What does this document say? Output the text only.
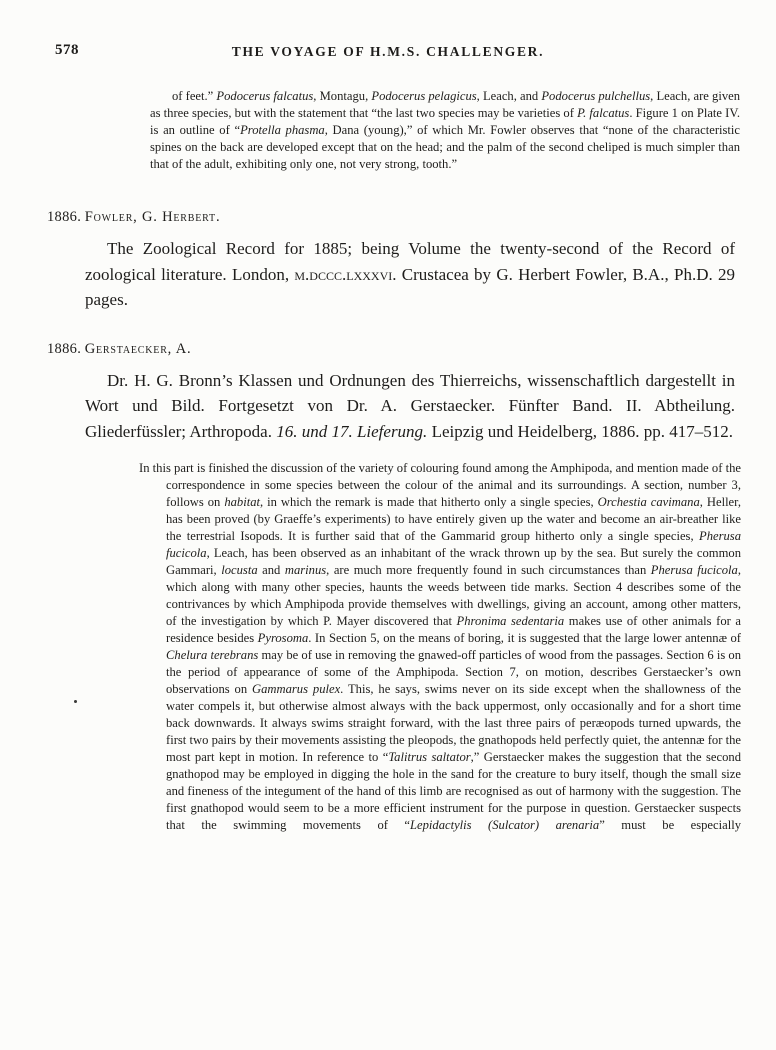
578	THE VOYAGE OF H.M.S. CHALLENGER.

of feet.” Podocerus falcatus, Montagu, Podocerus pelagicus, Leach, and Podocerus pulchellus, Leach, are given as three species, but with the statement that “the last two species may be varieties of P. falcatus. Figure 1 on Plate IV. is an outline of “Protella phasma, Dana (young),” of which Mr. Fowler observes that “none of the characteristic spines on the back are developed except that on the head; and the palm of the second cheliped is much simpler than that of the adult, exhibiting only one, not very strong, tooth.”

1886. Fowler, G. Herbert.

The Zoological Record for 1885; being Volume the twenty-second of the Record of zoological literature. London, m.dccc.lxxxvi. Crustacea by G. Herbert Fowler, B.A., Ph.D. 29 pages.

1886. Gerstaecker, A.

Dr. H. G. Bronn’s Klassen und Ordnungen des Thierreichs, wissenschaftlich dargestellt in Wort und Bild. Fortgesetzt von Dr. A. Gerstaecker. Fünfter Band. II. Abtheilung. Gliederfüssler; Arthropoda. 16. und 17. Lieferung. Leipzig und Heidelberg, 1886. pp. 417–512.

In this part is finished the discussion of the variety of colouring found among the Amphipoda, and mention made of the correspondence in some species between the colour of the animal and its surroundings. A section, number 3, follows on habitat, in which the remark is made that hitherto only a single species, Orchestia cavimana, Heller, has been proved (by Graeffe’s experiments) to have entirely given up the water and become an air-breather like the terrestrial Isopods. It is further said that of the Gammarid group hitherto only a single species, Pherusa fucicola, Leach, has been observed as an inhabitant of the wrack thrown up by the sea. But surely the common Gammari, locusta and marinus, are much more frequently found in such circumstances than Pherusa fucicola, which along with many other species, haunts the weeds between tide marks. Section 4 describes some of the contrivances by which Amphipoda provide themselves with dwellings, giving an account, among other matters, of the investigation by which P. Mayer discovered that Phronima sedentaria makes use of other animals for a residence besides Pyrosoma. In Section 5, on the means of boring, it is suggested that the large lower antennæ of Chelura terebrans may be of use in removing the gnawed-off particles of wood from the passages. Section 6 is on the period of appearance of some of the Amphipoda. Section 7, on motion, describes Gerstaecker’s own observations on Gammarus pulex. This, he says, swims never on its side except when the shallowness of the water compels it, but otherwise almost always with the back uppermost, only occasionally and for a short time back downwards. It always swims straight forward, with the last three pairs of peræopods turned upwards, the first two pairs by their movements assisting the pleopods, the gnathopods held perfectly quiet, the antennæ for the most part kept in motion. In reference to “Talitrus saltator,” Gerstaecker makes the suggestion that the second gnathopod may be employed in digging the hole in the sand for the creature to bury itself, though the small size and fineness of the integument of the hand of this limb are recognised as out of harmony with the suggestion. The first gnathopod would seem to be a more efficient instrument for the purpose in question. Gerstaecker suspects that the swimming movements of “Lepidactylis (Sulcator) arenaria” must be especially
